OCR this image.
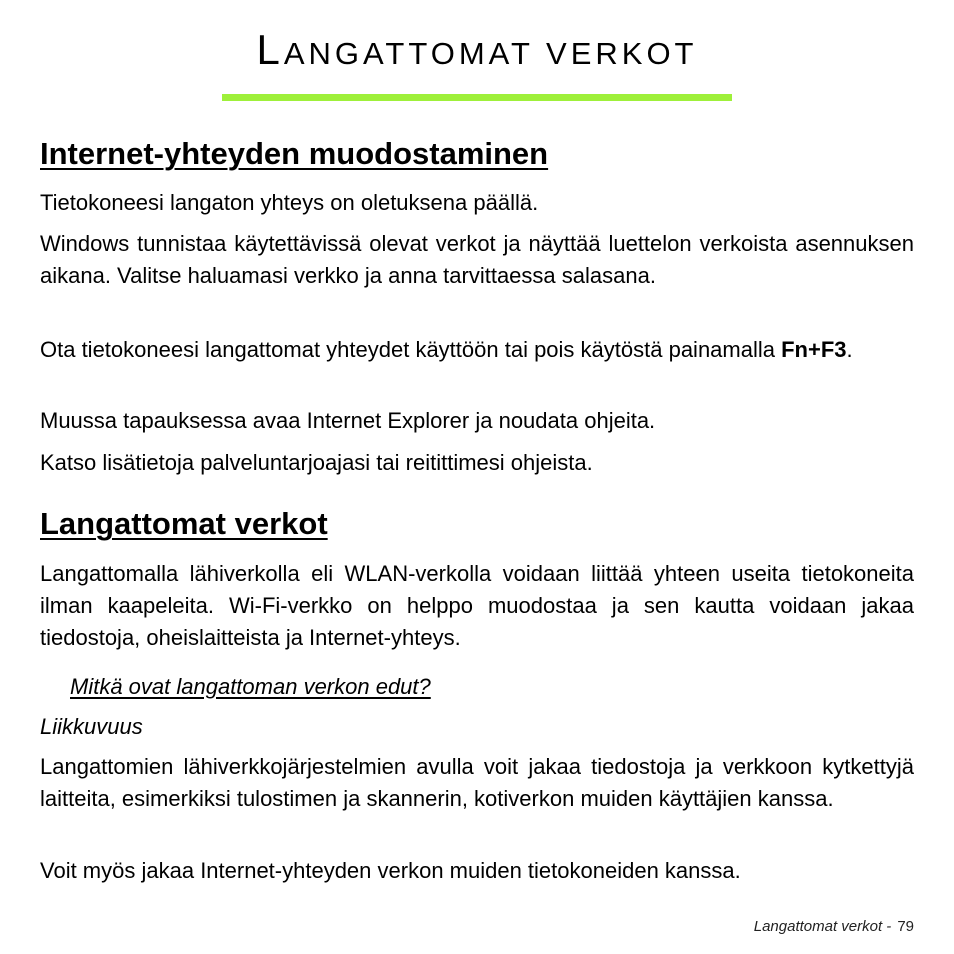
LANGATTOMAT VERKOT
Internet-yhteyden muodostaminen

Tietokoneesi langaton yhteys on oletuksena päällä.

Windows tunnistaa käytettävissä olevat verkot ja näyttää luettelon verkoista asennuksen aikana. Valitse haluamasi verkko ja anna tarvittaessa salasana.

Ota tietokoneesi langattomat yhteydet käyttöön tai pois käytöstä painamalla Fn+F3.

Muussa tapauksessa avaa Internet Explorer ja noudata ohjeita.

Katso lisätietoja palveluntarjoajasi tai reitittimesi ohjeista.

Langattomat verkot

Langattomalla lähiverkolla eli WLAN-verkolla voidaan liittää yhteen useita tietokoneita ilman kaapeleita. Wi-Fi-verkko on helppo muodostaa ja sen kautta voidaan jakaa tiedostoja, oheislaitteista ja Internet-yhteys.

Mitkä ovat langattoman verkon edut?
Liikkuvuus

Langattomien lähiverkkojärjestelmien avulla voit jakaa tiedostoja ja verkkoon kytkettyjä laitteita, esimerkiksi tulostimen ja skannerin, kotiverkon muiden käyttäjien kanssa.

Voit myös jakaa Internet-yhteyden verkon muiden tietokoneiden kanssa.

Langattomat verkot - 79
